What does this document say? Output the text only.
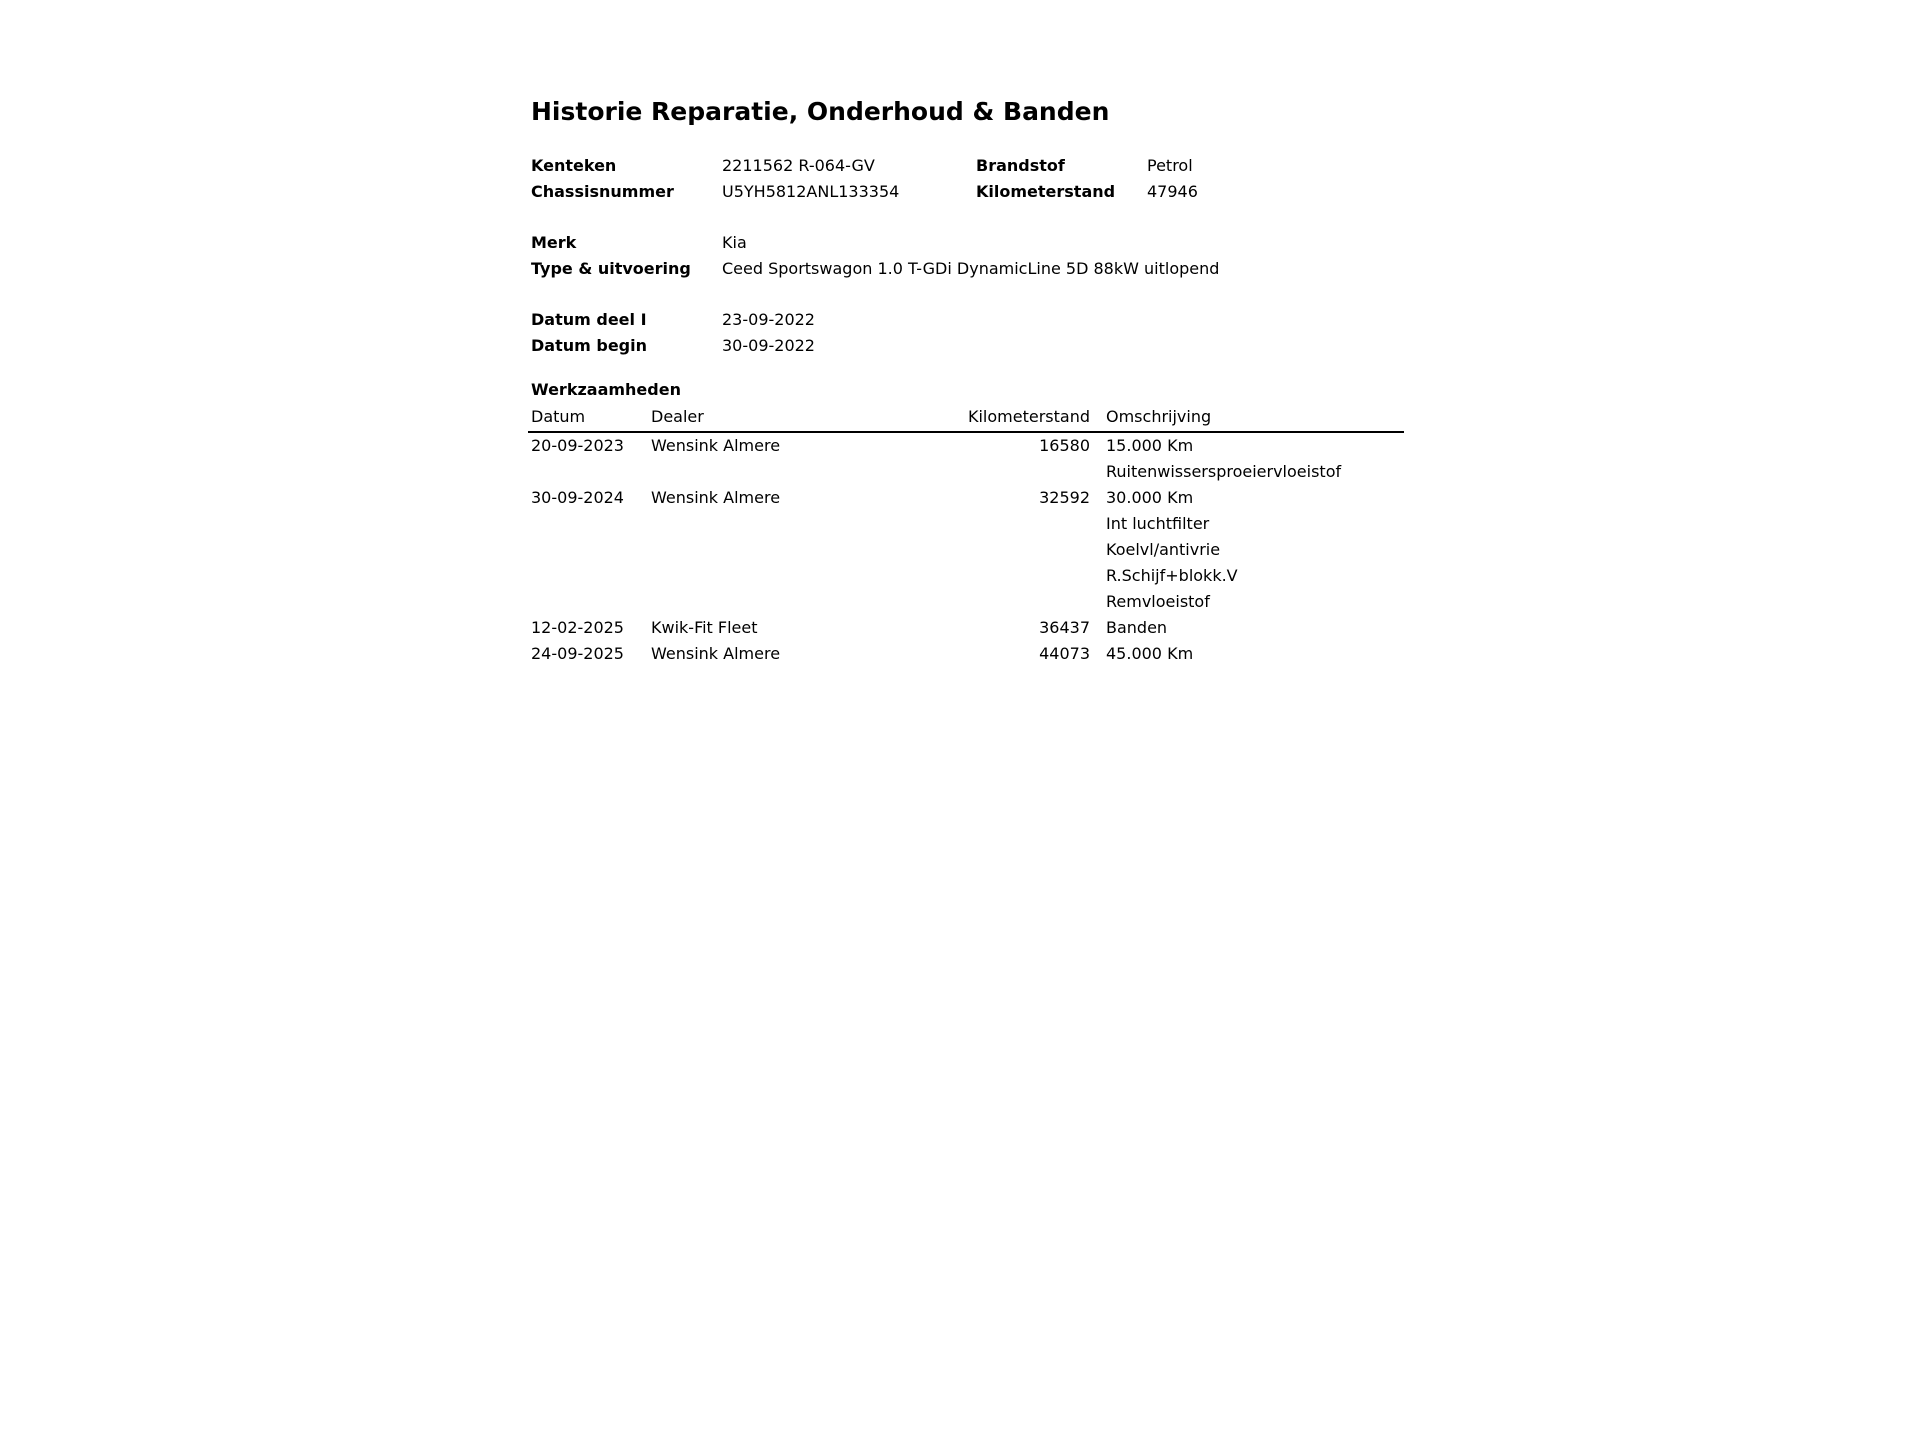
Historie Reparatie, Onderhoud & Banden
Kenteken	2211562 R-064-GV	Brandstof	Petrol
Chassisnummer	U5YH5812ANL133354	Kilometerstand 47946
Merk	Kia
Type & uitvoering Ceed Sportswagon 1.0 T-GDi DynamicLine 5D 88kW uitlopend
Datum deel I	23-09-2022
Datum begin	30-09-2022
Werkzaamheden
Datum	Dealer	Kilometerstand		Omschrijving
20-09-2023	Wensink Almere	16580		15.000 Km
				Ruitenwissersproeiervloeistof
30-09-2024	Wensink Almere	32592		30.000 Km
				Int luchtfilter
				Koelvl/antivrie
				R.Schijf+blokk.V
				Remvloeistof
12-02-2025	Kwik-Fit Fleet	36437		Banden
24-09-2025	Wensink Almere	44073		45.000 Km
